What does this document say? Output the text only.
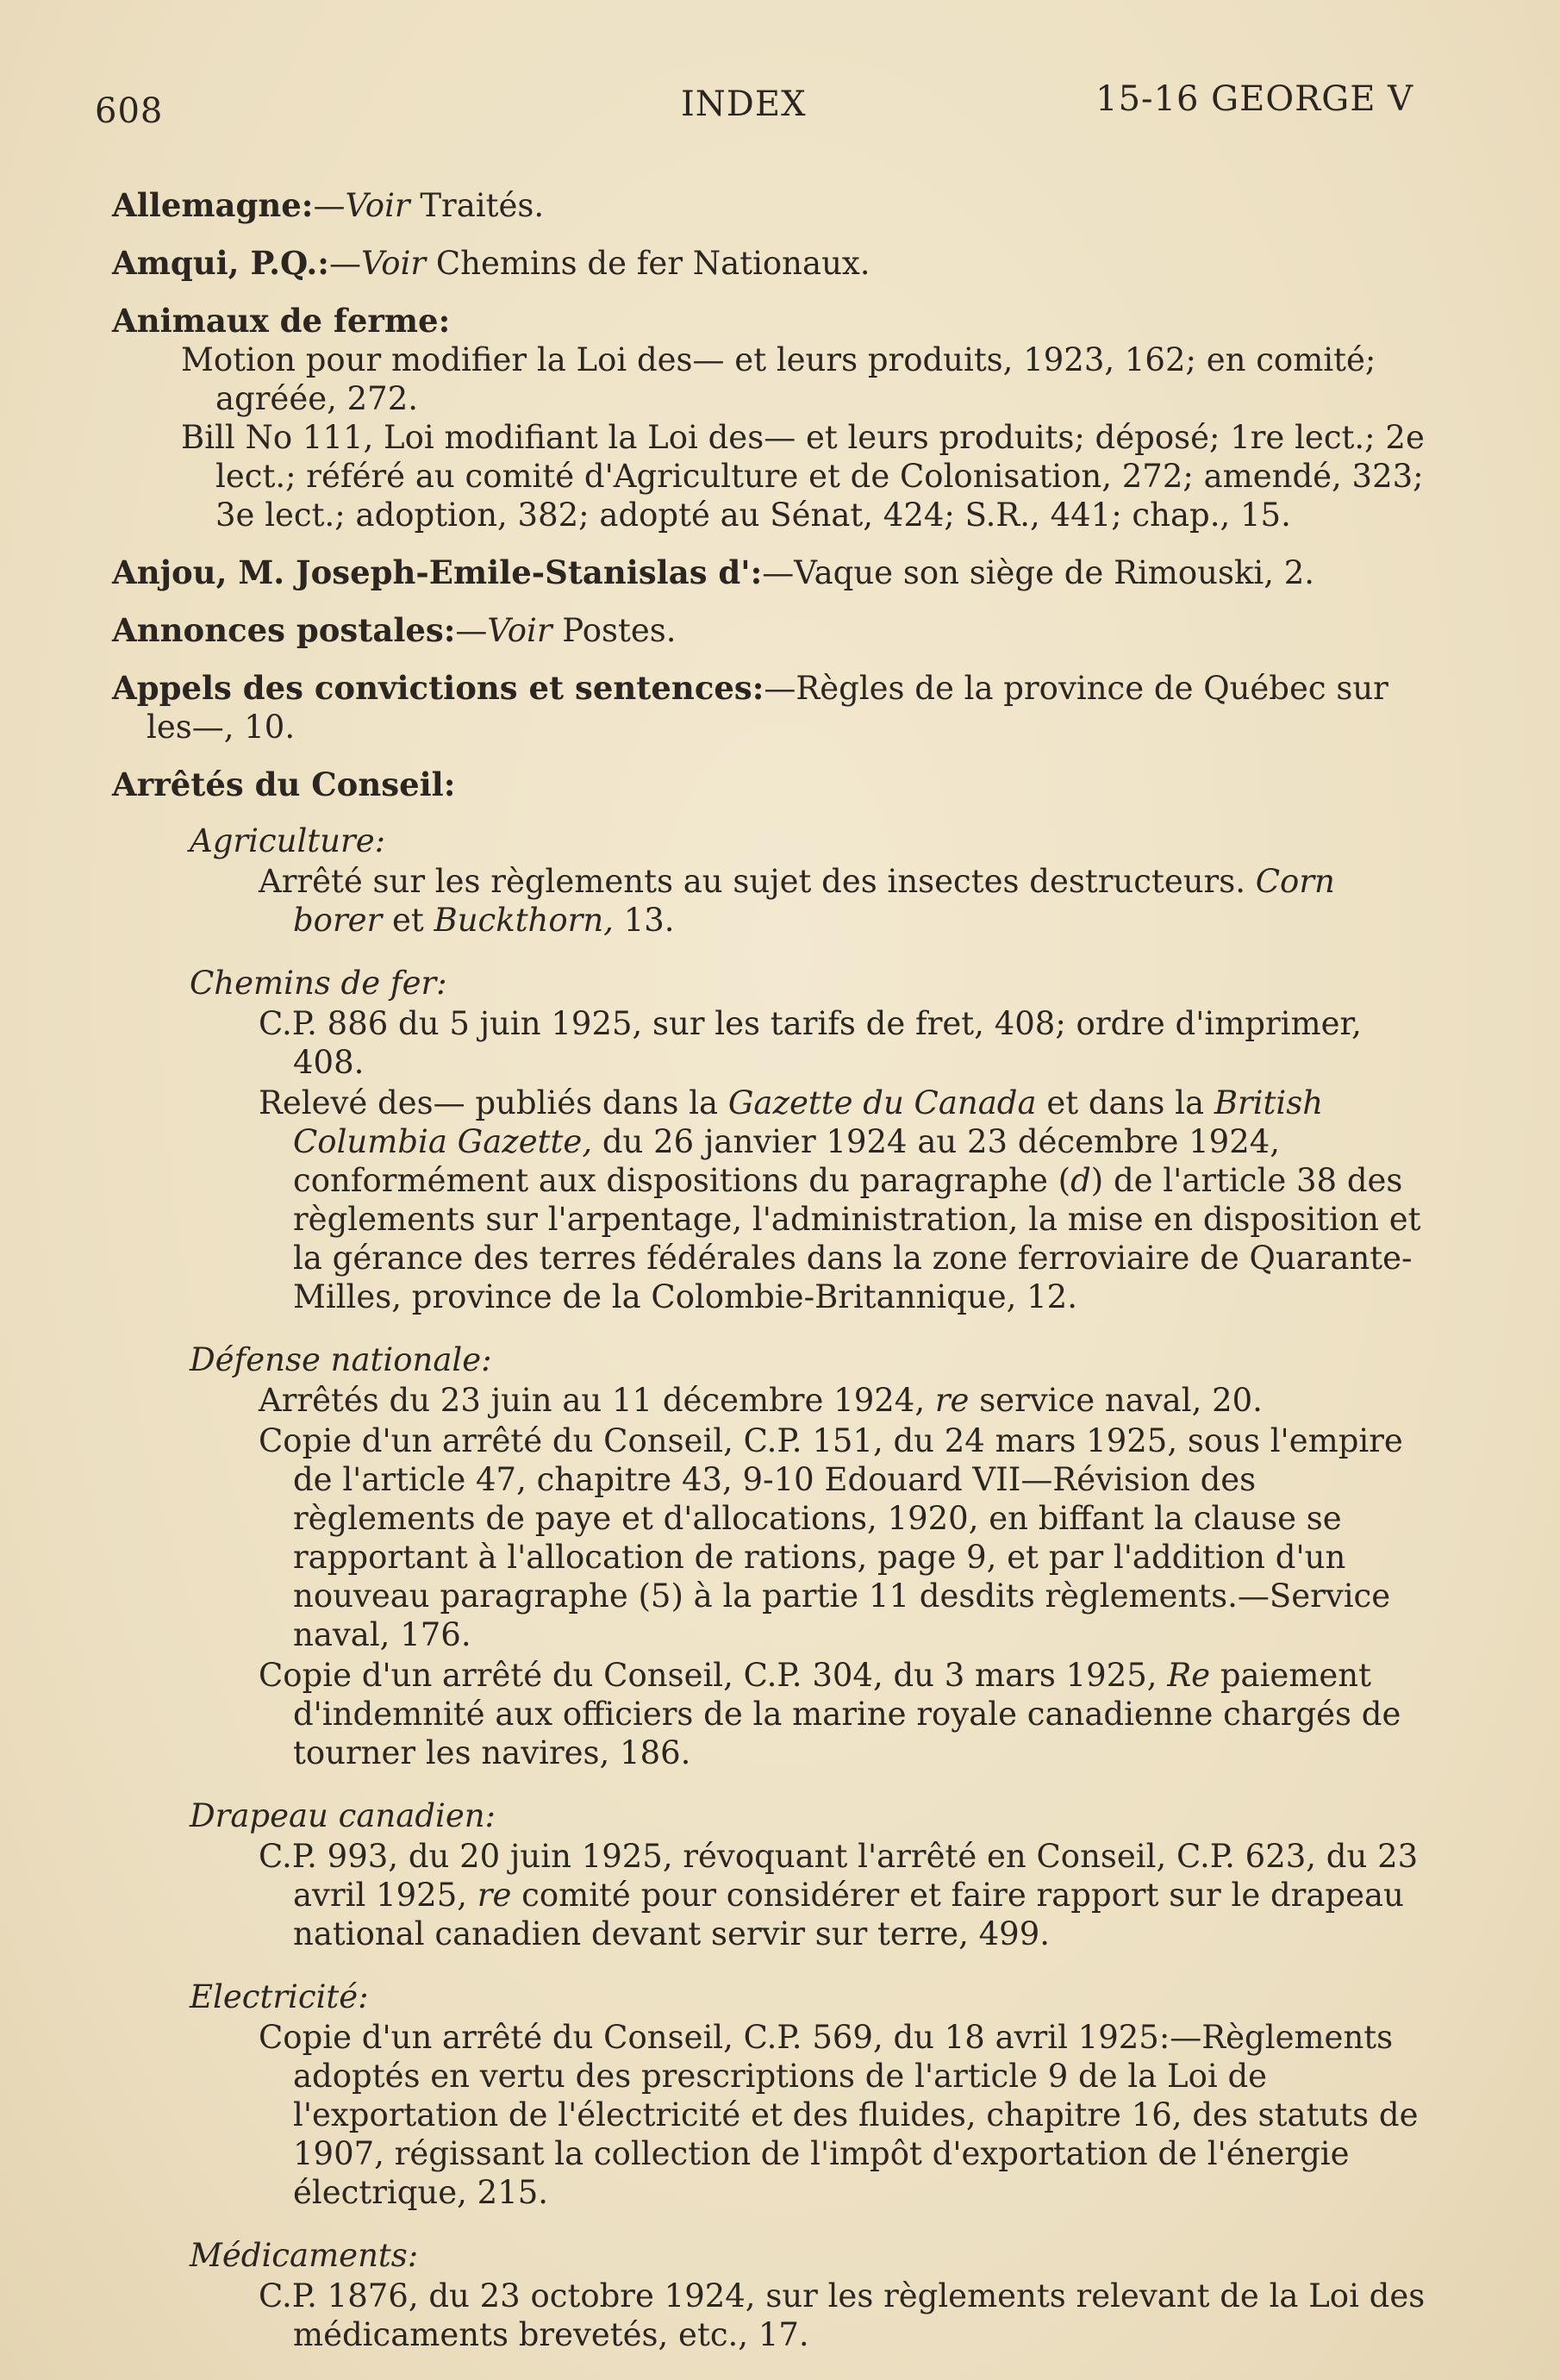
608	INDEX	15-16 GEORGE V
Allemagne:—Voir Traités.
Amqui, P.Q.:—Voir Chemins de fer Nationaux.
Animaux de ferme:

Motion pour modifier la Loi des— et leurs produits, 1923, 162; en comité; agréée, 272.

Bill No 111, Loi modifiant la Loi des— et leurs produits; déposé; 1re lect.; 2e lect.; référé au comité d'Agriculture et de Colonisation, 272; amendé, 323; 3e lect.; adoption, 382; adopté au Sénat, 424; S.R., 441; chap., 15.

Anjou, M. Joseph-Emile-Stanislas d':—Vaque son siège de Rimouski, 2.
Annonces postales:—Voir Postes.
Appels des convictions et sentences:—Règles de la province de Québec sur les—, 10.
Arrêtés du Conseil:
Agriculture:

Arrêté sur les règlements au sujet des insectes destructeurs. Corn borer et Buckthorn, 13.

Chemins de fer:

C.P. 886 du 5 juin 1925, sur les tarifs de fret, 408; ordre d'imprimer, 408.

Relevé des— publiés dans la Gazette du Canada et dans la British Columbia Gazette, du 26 janvier 1924 au 23 décembre 1924, conformément aux dispositions du paragraphe (d) de l'article 38 des règlements sur l'arpentage, l'administration, la mise en disposition et la gérance des terres fédérales dans la zone ferroviaire de Quarante-Milles, province de la Colombie-Britannique, 12.

Défense nationale:

Arrêtés du 23 juin au 11 décembre 1924, re service naval, 20.

Copie d'un arrêté du Conseil, C.P. 151, du 24 mars 1925, sous l'empire de l'article 47, chapitre 43, 9-10 Edouard VII—Révision des règlements de paye et d'allocations, 1920, en biffant la clause se rapportant à l'allocation de rations, page 9, et par l'addition d'un nouveau paragraphe (5) à la partie 11 desdits règlements.—Service naval, 176.

Copie d'un arrêté du Conseil, C.P. 304, du 3 mars 1925, Re paiement d'indemnité aux officiers de la marine royale canadienne chargés de tourner les navires, 186.

Drapeau canadien:

C.P. 993, du 20 juin 1925, révoquant l'arrêté en Conseil, C.P. 623, du 23 avril 1925, re comité pour considérer et faire rapport sur le drapeau national canadien devant servir sur terre, 499.

Electricité:

Copie d'un arrêté du Conseil, C.P. 569, du 18 avril 1925:—Règlements adoptés en vertu des prescriptions de l'article 9 de la Loi de l'exportation de l'électricité et des fluides, chapitre 16, des statuts de 1907, régissant la collection de l'impôt d'exportation de l'énergie électrique, 215.

Médicaments:

C.P. 1876, du 23 octobre 1924, sur les règlements relevant de la Loi des médicaments brevetés, etc., 17.
